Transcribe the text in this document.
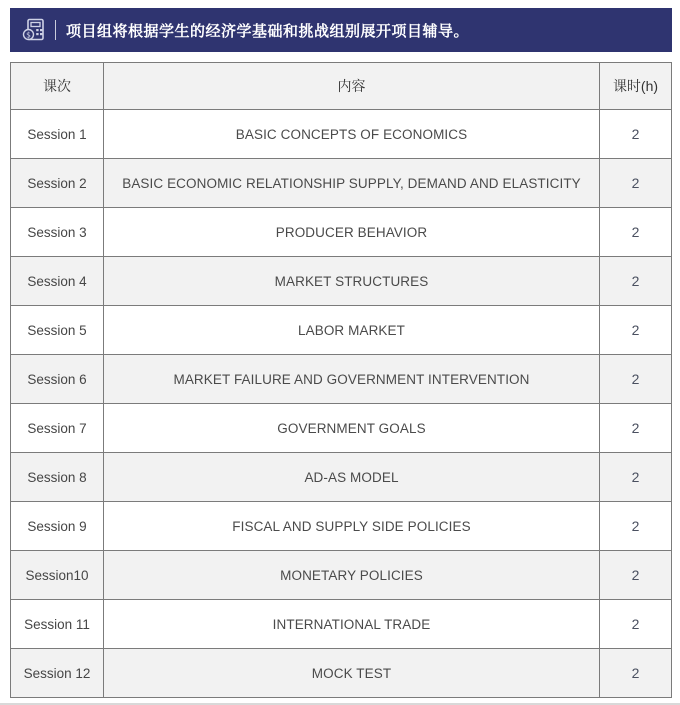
$ 项目组将根据学生的经济学基础和挑战组别展开项目辅导。
课次	内容	课时(h)
Session 1	BASIC CONCEPTS OF ECONOMICS	2
Session 2	BASIC ECONOMIC RELATIONSHIP SUPPLY, DEMAND AND ELASTICITY	2
Session 3	PRODUCER BEHAVIOR	2
Session 4	MARKET STRUCTURES	2
Session 5	LABOR MARKET	2
Session 6	MARKET FAILURE AND GOVERNMENT INTERVENTION	2
Session 7	GOVERNMENT GOALS	2
Session 8	AD-AS MODEL	2
Session 9	FISCAL AND SUPPLY SIDE POLICIES	2
Session10	MONETARY POLICIES	2
Session 11	INTERNATIONAL TRADE	2
Session 12	MOCK TEST	2
